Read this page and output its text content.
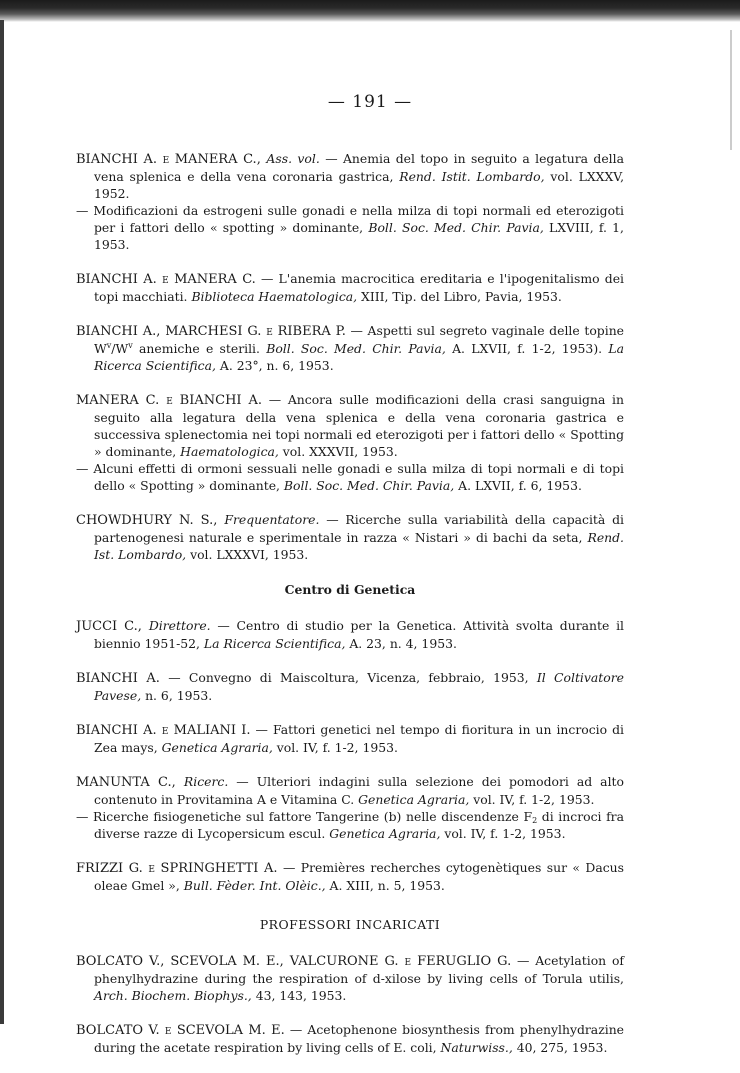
— 191 —

BIANCHI A. e MANERA C., Ass. vol. — Anemia del topo in seguito a legatura della vena splenica e della vena coronaria gastrica, Rend. Istit. Lombardo, vol. LXXXV, 1952.

— Modificazioni da estrogeni sulle gonadi e nella milza di topi normali ed eterozigoti per i fattori dello « spotting » dominante, Boll. Soc. Med. Chir. Pavia, LXVIII, f. 1, 1953.

BIANCHI A. e MANERA C. — L'anemia macrocitica ereditaria e l'ipogenitalismo dei topi macchiati. Biblioteca Haematologica, XIII, Tip. del Libro, Pavia, 1953.

BIANCHI A., MARCHESI G. e RIBERA P. — Aspetti sul segreto vaginale delle topine $W^v/W^v$ anemiche e sterili. Boll. Soc. Med. Chir. Pavia, A. LXVII, f. 1-2, 1953). La Ricerca Scientifica, A. 23°, n. 6, 1953.

MANERA C. e BIANCHI A. — Ancora sulle modificazioni della crasi sanguigna in seguito alla legatura della vena splenica e della vena coronaria gastrica e successiva splenectomia nei topi normali ed eterozigoti per i fattori dello « Spotting » dominante, Haematologica, vol. XXXVII, 1953.

— Alcuni effetti di ormoni sessuali nelle gonadi e sulla milza di topi normali e di topi dello « Spotting » dominante, Boll. Soc. Med. Chir. Pavia, A. LXVII, f. 6, 1953.

CHOWDHURY N. S., Frequentatore. — Ricerche sulla variabilità della capacità di partenogenesi naturale e sperimentale in razza « Nistari » di bachi da seta, Rend. Ist. Lombardo, vol. LXXXVI, 1953.

Centro di Genetica

JUCCI C., Direttore. — Centro di studio per la Genetica. Attività svolta durante il biennio 1951-52, La Ricerca Scientifica, A. 23, n. 4, 1953.

BIANCHI A. — Convegno di Maiscoltura, Vicenza, febbraio, 1953, Il Coltivatore Pavese, n. 6, 1953.

BIANCHI A. e MALIANI I. — Fattori genetici nel tempo di fioritura in un incrocio di Zea mays, Genetica Agraria, vol. IV, f. 1-2, 1953.

MANUNTA C., Ricerc. — Ulteriori indagini sulla selezione dei pomodori ad alto contenuto in Provitamina A e Vitamina C. Genetica Agraria, vol. IV, f. 1-2, 1953.

— Ricerche fisiogenetiche sul fattore Tangerine (b) nelle discendenze $F_2$ di incroci fra diverse razze di Lycopersicum escul. Genetica Agraria, vol. IV, f. 1-2, 1953.

FRIZZI G. e SPRINGHETTI A. — Premières recherches cytogenètiques sur « Dacus oleae Gmel », Bull. Fèder. Int. Olèic., A. XIII, n. 5, 1953.

PROFESSORI INCARICATI

BOLCATO V., SCEVOLA M. E., VALCURONE G. e FERUGLIO G. — Acetylation of phenylhydrazine during the respiration of d-xilose by living cells of Torula utilis, Arch. Biochem. Biophys., 43, 143, 1953.

BOLCATO V. e SCEVOLA M. E. — Acetophenone biosynthesis from phenylhydrazine during the acetate respiration by living cells of E. coli, Naturwiss., 40, 275, 1953.
